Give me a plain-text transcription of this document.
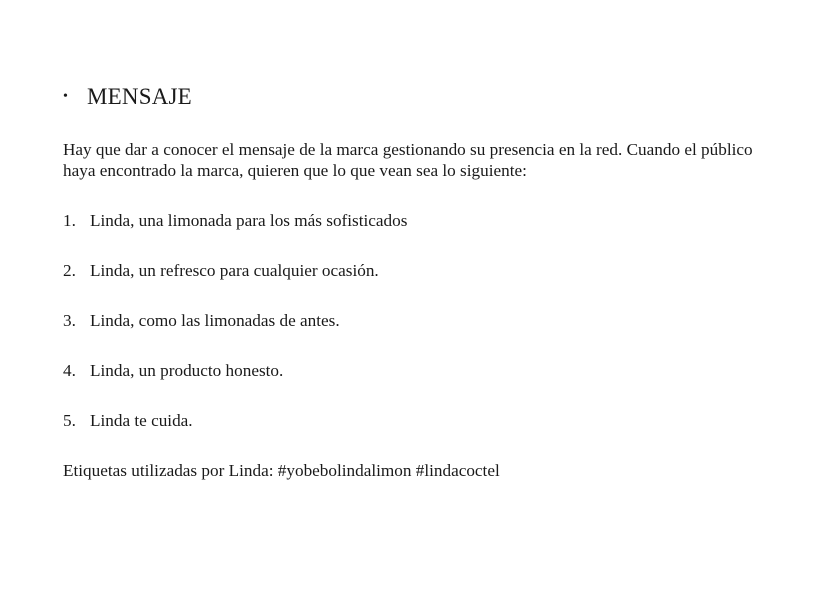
• MENSAJE
Hay que dar a conocer el mensaje de la marca gestionando su presencia en la red. Cuando el público haya encontrado la marca, quieren que lo que vean sea lo siguiente:
1. Linda, una limonada para los más sofisticados
2. Linda, un refresco para cualquier ocasión.
3. Linda, como las limonadas de antes.
4. Linda, un producto honesto.
5. Linda te cuida.
Etiquetas utilizadas por Linda: #yobebolindalimon #lindacoctel
